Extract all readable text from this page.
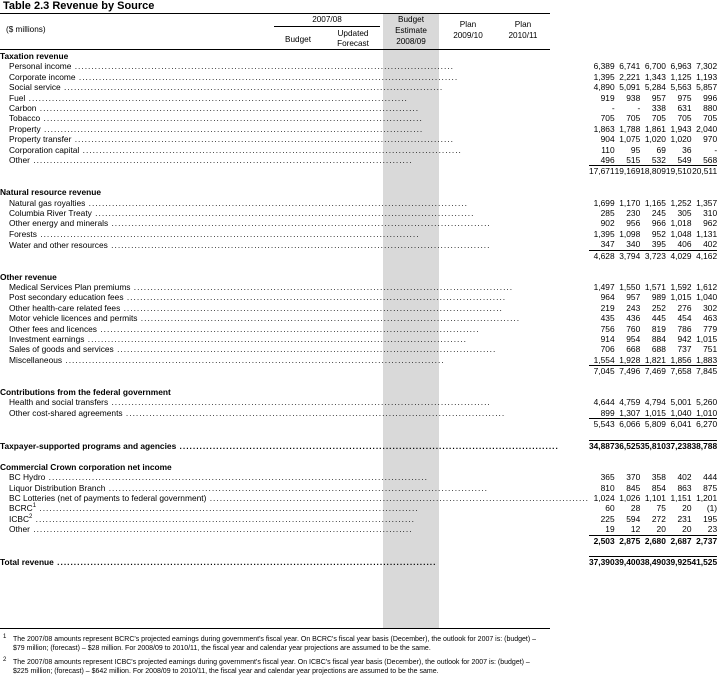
Table 2.3 Revenue by Source
($ millions)
2007/08
Budget
Updated
Forecast
Budget
Estimate
2008/09
Plan
2009/10
Plan
2010/11
Taxation revenue					
Personal income .....	6,389	6,741	6,700	6,963	7,302
Corporate income .....	1,395	2,221	1,343	1,125	1,193
Social service .....	4,890	5,091	5,284	5,563	5,857
Fuel .....	919	938	957	975	996
Carbon .....	-	-	338	631	880
Tobacco .....	705	705	705	705	705
Property .....	1,863	1,788	1,861	1,943	2,040
Property transfer .....	904	1,075	1,020	1,020	970
Corporation capital .....	110	95	69	36	-
Other .....	496	515	532	549	568
	17,671	19,169	18,809	19,510	20,511

Natural resource revenue					
Natural gas royalties .....	1,699	1,170	1,165	1,252	1,357
Columbia River Treaty .....	285	230	245	305	310
Other energy and minerals .....	902	956	966	1,018	962
Forests .....	1,395	1,098	952	1,048	1,131
Water and other resources .....	347	340	395	406	402
	4,628	3,794	3,723	4,029	4,162

Other revenue					
Medical Services Plan premiums .....	1,497	1,550	1,571	1,592	1,612
Post secondary education fees .....	964	957	989	1,015	1,040
Other health-care related fees .....	219	243	252	276	302
Motor vehicle licences and permits .....	435	436	445	454	463
Other fees and licences .....	756	760	819	786	779
Investment earnings .....	914	954	884	942	1,015
Sales of goods and services .....	706	668	688	737	751
Miscellaneous .....	1,554	1,928	1,821	1,856	1,883
	7,045	7,496	7,469	7,658	7,845

Contributions from the federal government					
Health and social transfers .....	4,644	4,759	4,794	5,001	5,260
Other cost-shared agreements .....	899	1,307	1,015	1,040	1,010
	5,543	6,066	5,809	6,041	6,270

Taxpayer-supported programs and agencies .....	34,887	36,525	35,810	37,238	38,788

Commercial Crown corporation net income					
BC Hydro .....	365	370	358	402	444
Liquor Distribution Branch .....	810	845	854	863	875
BC Lotteries (net of payments to federal government) .....	1,024	1,026	1,101	1,151	1,201
BCRC$^1$ .....	60	28	75	20	(1)
ICBC$^2$ .....	225	594	272	231	195
Other .....	19	12	20	20	23
	2,503	2,875	2,680	2,687	2,737

Total revenue .....	37,390	39,400	38,490	39,925	41,525
1 The 2007/08 amounts represent BCRC's projected earnings during government's fiscal year. On BCRC's fiscal year basis (December), the outlook for 2007 is: (budget) – $79 million; (forecast) – $28 million. For 2008/09 to 2010/11, the fiscal year and calendar year projections are assumed to be the same.
2 The 2007/08 amounts represent ICBC's projected earnings during government's fiscal year. On ICBC's fiscal year basis (December), the outlook for 2007 is: (budget) – $225 million; (forecast) – $642 million. For 2008/09 to 2010/11, the fiscal year and calendar year projections are assumed to be the same.
